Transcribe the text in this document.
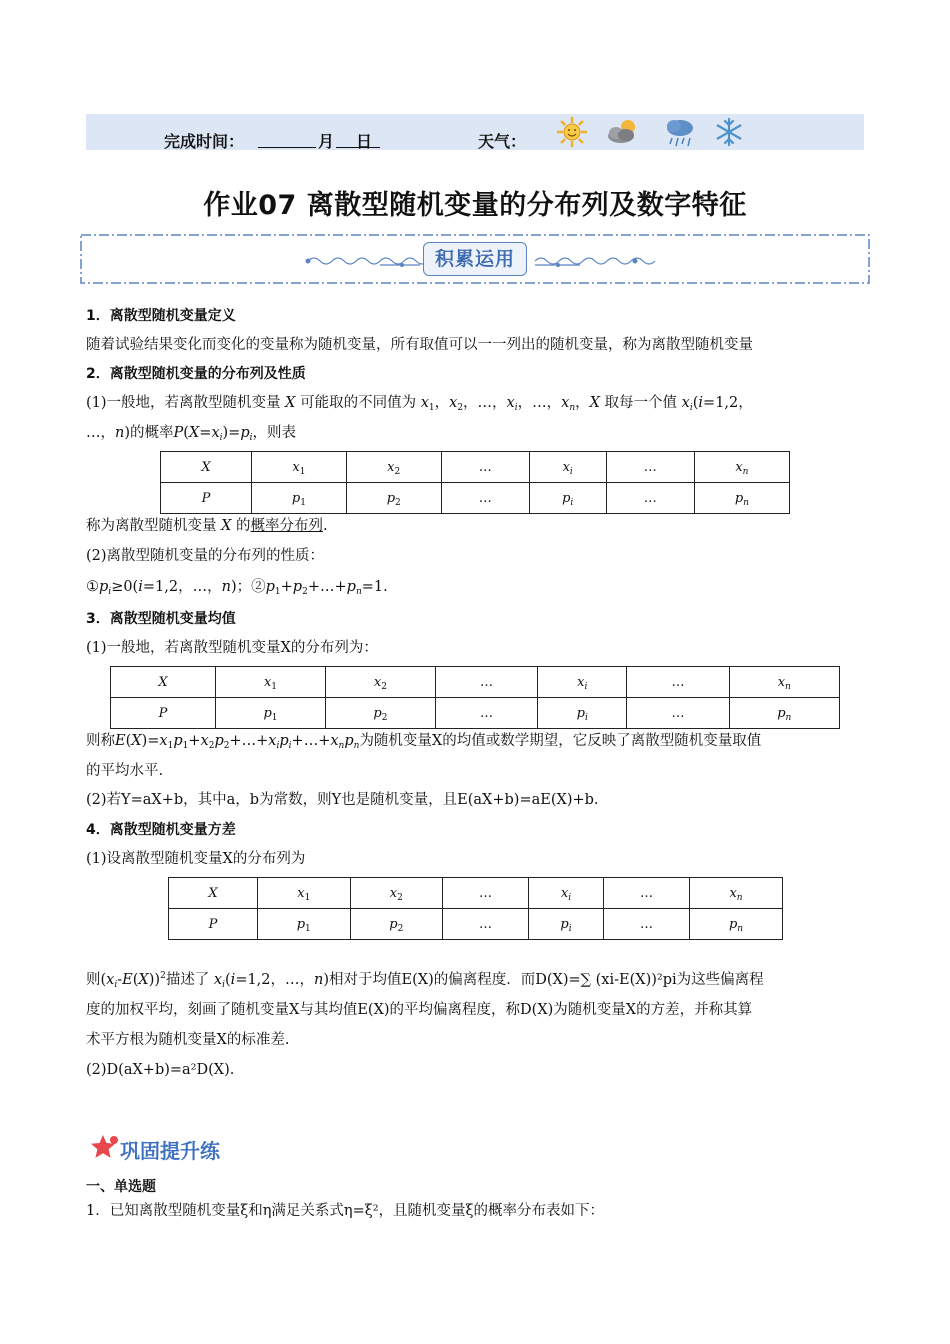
完成时间：	月 日	天气：
作业07 离散型随机变量的分布列及数字特征
积累运用
1．离散型随机变量定义
随着试验结果变化而变化的变量称为随机变量，所有取值可以一一列出的随机变量，称为离散型随机变量
2．离散型随机变量的分布列及性质
(1)一般地，若离散型随机变量 X 可能取的不同值为 $x_1$，$x_2$，…，$x_i$，…，$x_n$，X 取每一个值 $x_i(i=1,2$，
…，n)的概率$P(X=x_i)=p_i$，则表
X	$x_1$	$x_2$	…	$x_i$	…	$x_n$
P	$p_1$	$p_2$	…	$p_i$	…	$p_n$
称为离散型随机变量 X 的概率分布列.
(2)离散型随机变量的分布列的性质：
$①p_i\ge 0(i=1,2$，…，n)；$②p_1+p_2+\dots+p_n=1$.
3．离散型随机变量均值
(1)一般地，若离散型随机变量X的分布列为：
X	$x_1$	$x_2$	…	$x_i$	…	$x_n$
P	$p_1$	$p_2$	…	$p_i$	…	$p_n$
则称$E(X)=x_1p_1+x_2p_2+\dots+x_ip_i+\dots+x_np_n$为随机变量X的均值或数学期望，它反映了离散型随机变量取值
的平均水平.
(2)若Y=aX+b，其中a，b为常数，则Y也是随机变量，且E(aX+b)=aE(X)+b.
4．离散型随机变量方差
(1)设离散型随机变量X的分布列为
X	$x_1$	$x_2$	…	$x_i$	…	$x_n$
P	$p_1$	$p_2$	…	$p_i$	…	$p_n$
则$(x_i-E(X))^2$描述了 $x_i(i=1,2$，…，n)相对于均值E(X)的偏离程度．而D(X)=∑ (xi-E(X))²pi为这些偏离程
度的加权平均，刻画了随机变量X与其均值E(X)的平均偏离程度，称D(X)为随机变量X的方差，并称其算
术平方根为随机变量X的标准差.
(2)D(aX+b)=a²D(X).
巩固提升练
一、单选题
1．已知离散型随机变量ξ和η满足关系式η=ξ²，且随机变量ξ的概率分布表如下：
